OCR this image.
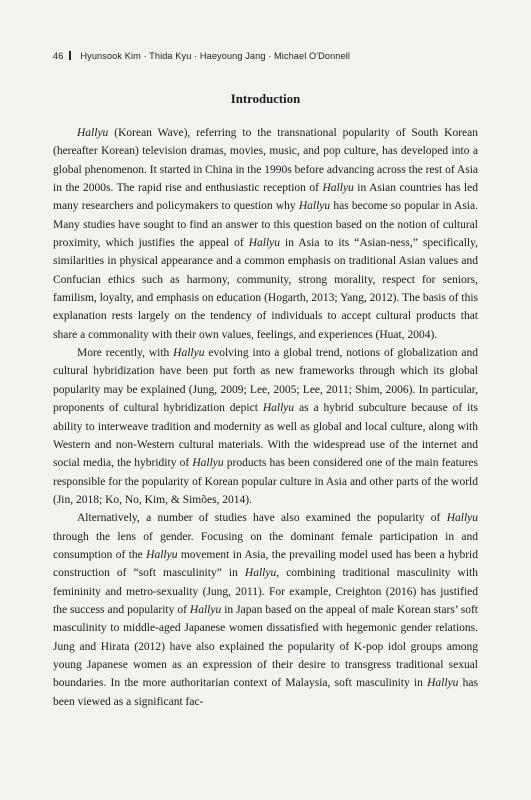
46 Hyunsook Kim · Thida Kyu · Haeyoung Jang · Michael O'Donnell
Introduction

Hallyu (Korean Wave), referring to the transnational popularity of South Korean (hereafter Korean) television dramas, movies, music, and pop culture, has developed into a global phenomenon. It started in China in the 1990s before advancing across the rest of Asia in the 2000s. The rapid rise and enthusiastic reception of Hallyu in Asian countries has led many researchers and policymakers to question why Hallyu has become so popular in Asia. Many studies have sought to find an answer to this question based on the notion of cultural proximity, which justifies the appeal of Hallyu in Asia to its “Asian-ness,” specifically, similarities in physical appearance and a common emphasis on traditional Asian values and Confucian ethics such as harmony, community, strong morality, respect for seniors, familism, loyalty, and emphasis on education (Hogarth, 2013; Yang, 2012). The basis of this explanation rests largely on the tendency of individuals to accept cultural products that share a commonality with their own values, feelings, and experiences (Huat, 2004).

More recently, with Hallyu evolving into a global trend, notions of globalization and cultural hybridization have been put forth as new frameworks through which its global popularity may be explained (Jung, 2009; Lee, 2005; Lee, 2011; Shim, 2006). In particular, proponents of cultural hybridization depict Hallyu as a hybrid subculture because of its ability to interweave tradition and modernity as well as global and local culture, along with Western and non-Western cultural materials. With the widespread use of the internet and social media, the hybridity of Hallyu products has been considered one of the main features responsible for the popularity of Korean popular culture in Asia and other parts of the world (Jin, 2018; Ko, No, Kim, & Simões, 2014).

Alternatively, a number of studies have also examined the popularity of Hallyu through the lens of gender. Focusing on the dominant female participation in and consumption of the Hallyu movement in Asia, the prevailing model used has been a hybrid construction of “soft masculinity” in Hallyu, combining traditional masculinity with femininity and metro-sexuality (Jung, 2011). For example, Creighton (2016) has justified the success and popularity of Hallyu in Japan based on the appeal of male Korean stars’ soft masculinity to middle-aged Japanese women dissatisfied with hegemonic gender relations. Jung and Hirata (2012) have also explained the popularity of K-pop idol groups among young Japanese women as an expression of their desire to transgress traditional sexual boundaries. In the more authoritarian context of Malaysia, soft masculinity in Hallyu has been viewed as a significant fac-
